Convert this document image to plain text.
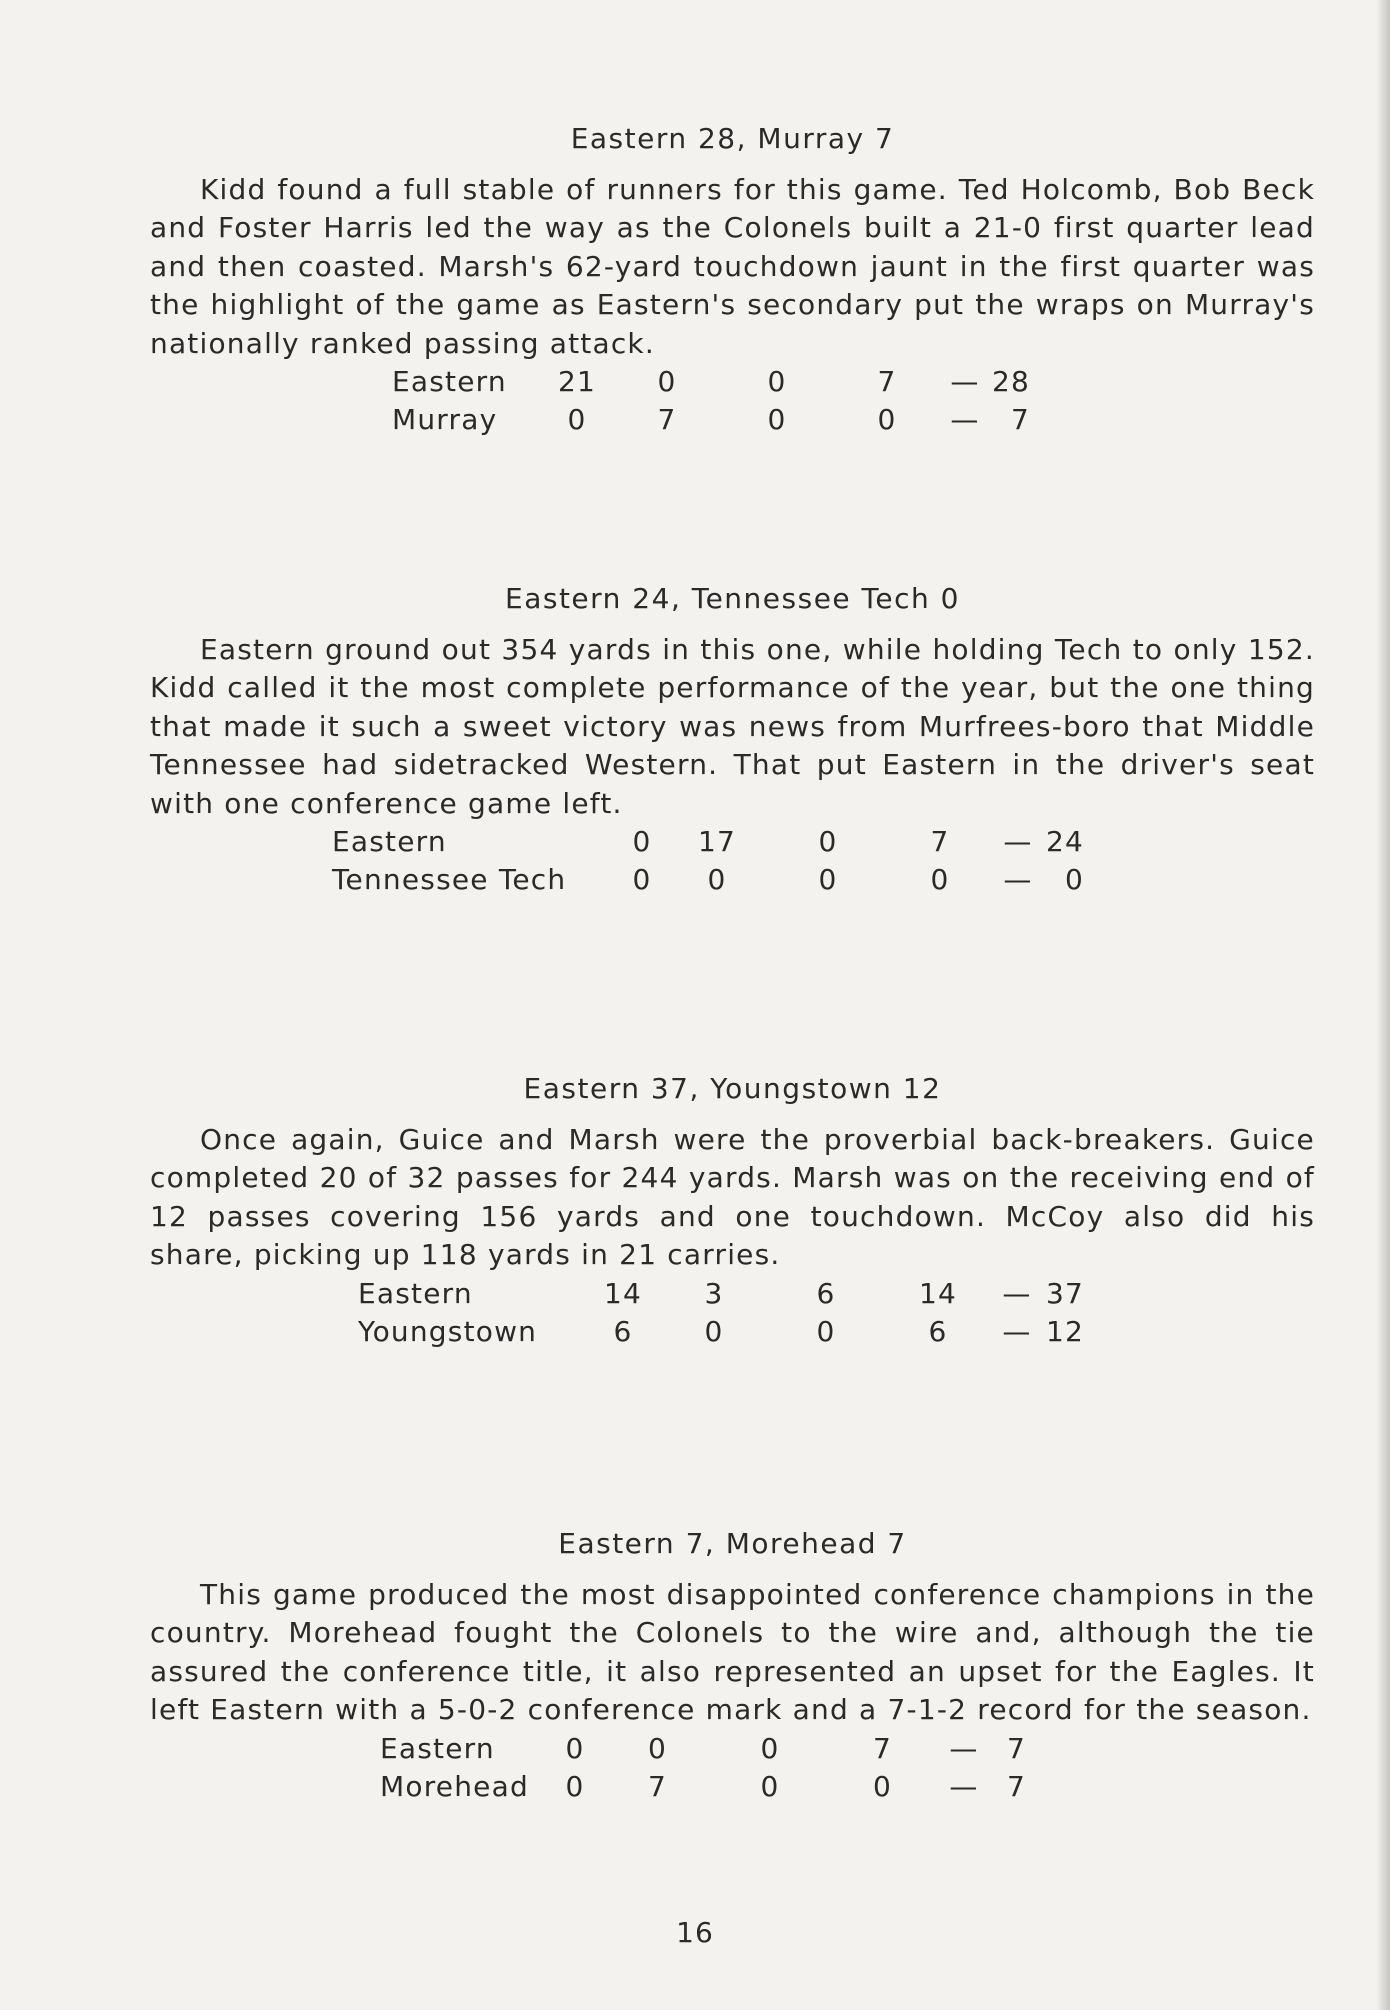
Eastern 28, Murray 7

Kidd found a full stable of runners for this game. Ted Holcomb, Bob Beck and Foster Harris led the way as the Colonels built a 21-0 first quarter lead and then coasted. Marsh's 62-yard touchdown jaunt in the first quarter was the highlight of the game as Eastern's secondary put the wraps on Murray's nationally ranked passing attack.

Eastern	21	0	0	7	—	28
Murray	0	7	0	0	—	7
Eastern 24, Tennessee Tech 0

Eastern ground out 354 yards in this one, while holding Tech to only 152. Kidd called it the most complete performance of the year, but the one thing that made it such a sweet victory was news from Murfrees-boro that Middle Tennessee had sidetracked Western. That put Eastern in the driver's seat with one conference game left.

Eastern	0	17	0	7	—	24
Tennessee Tech	0	0	0	0	—	0
Eastern 37, Youngstown 12

Once again, Guice and Marsh were the proverbial back-breakers. Guice completed 20 of 32 passes for 244 yards. Marsh was on the receiving end of 12 passes covering 156 yards and one touchdown. McCoy also did his share, picking up 118 yards in 21 carries.

Eastern	14	3	6	14	—	37
Youngstown	6	0	0	6	—	12
Eastern 7, Morehead 7

This game produced the most disappointed conference champions in the country. Morehead fought the Colonels to the wire and, although the tie assured the conference title, it also represented an upset for the Eagles. It left Eastern with a 5-0-2 conference mark and a 7-1-2 record for the season.

Eastern	0	0	0	7	—	7
Morehead	0	7	0	0	—	7
16
